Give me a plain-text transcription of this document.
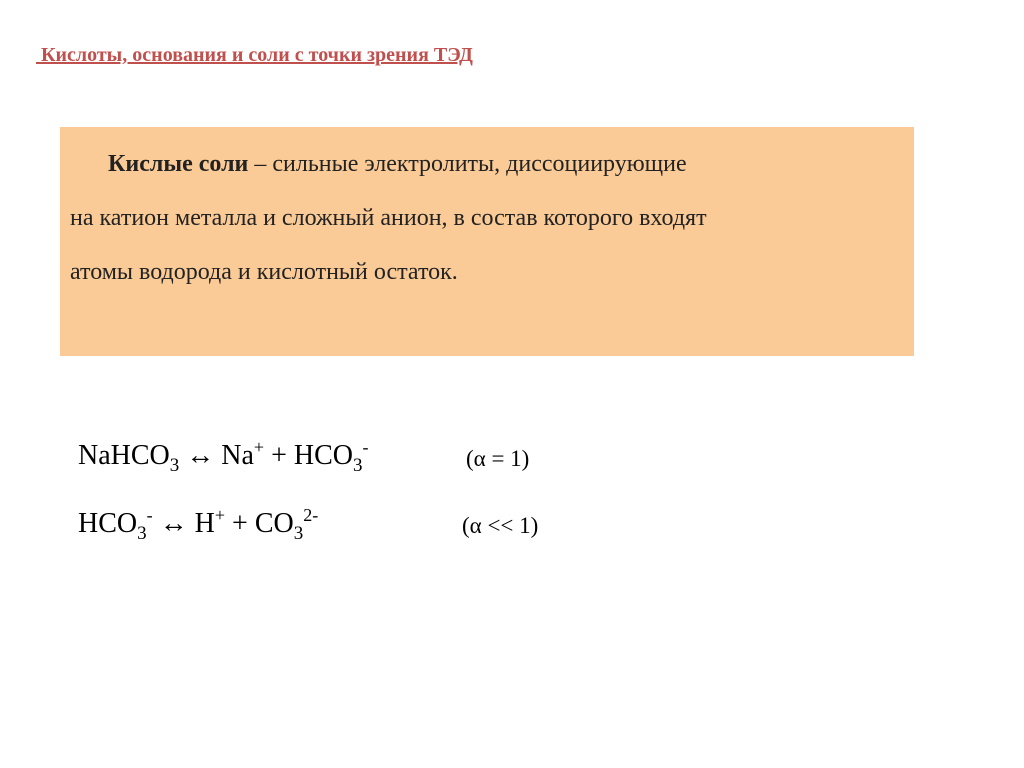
Кислоты, основания и соли с точки зрения ТЭД
Кислые соли – сильные электролиты, диссоциирующие
на катион металла и сложный анион, в состав которого входят
атомы водорода и кислотный остаток.
NaHCO$_3$ ↔ $Na^+ + HCO_3^-$	(α = 1)
$HCO_3^-$ ↔ $H^+ + CO_3^{2-}$	(α << 1)
